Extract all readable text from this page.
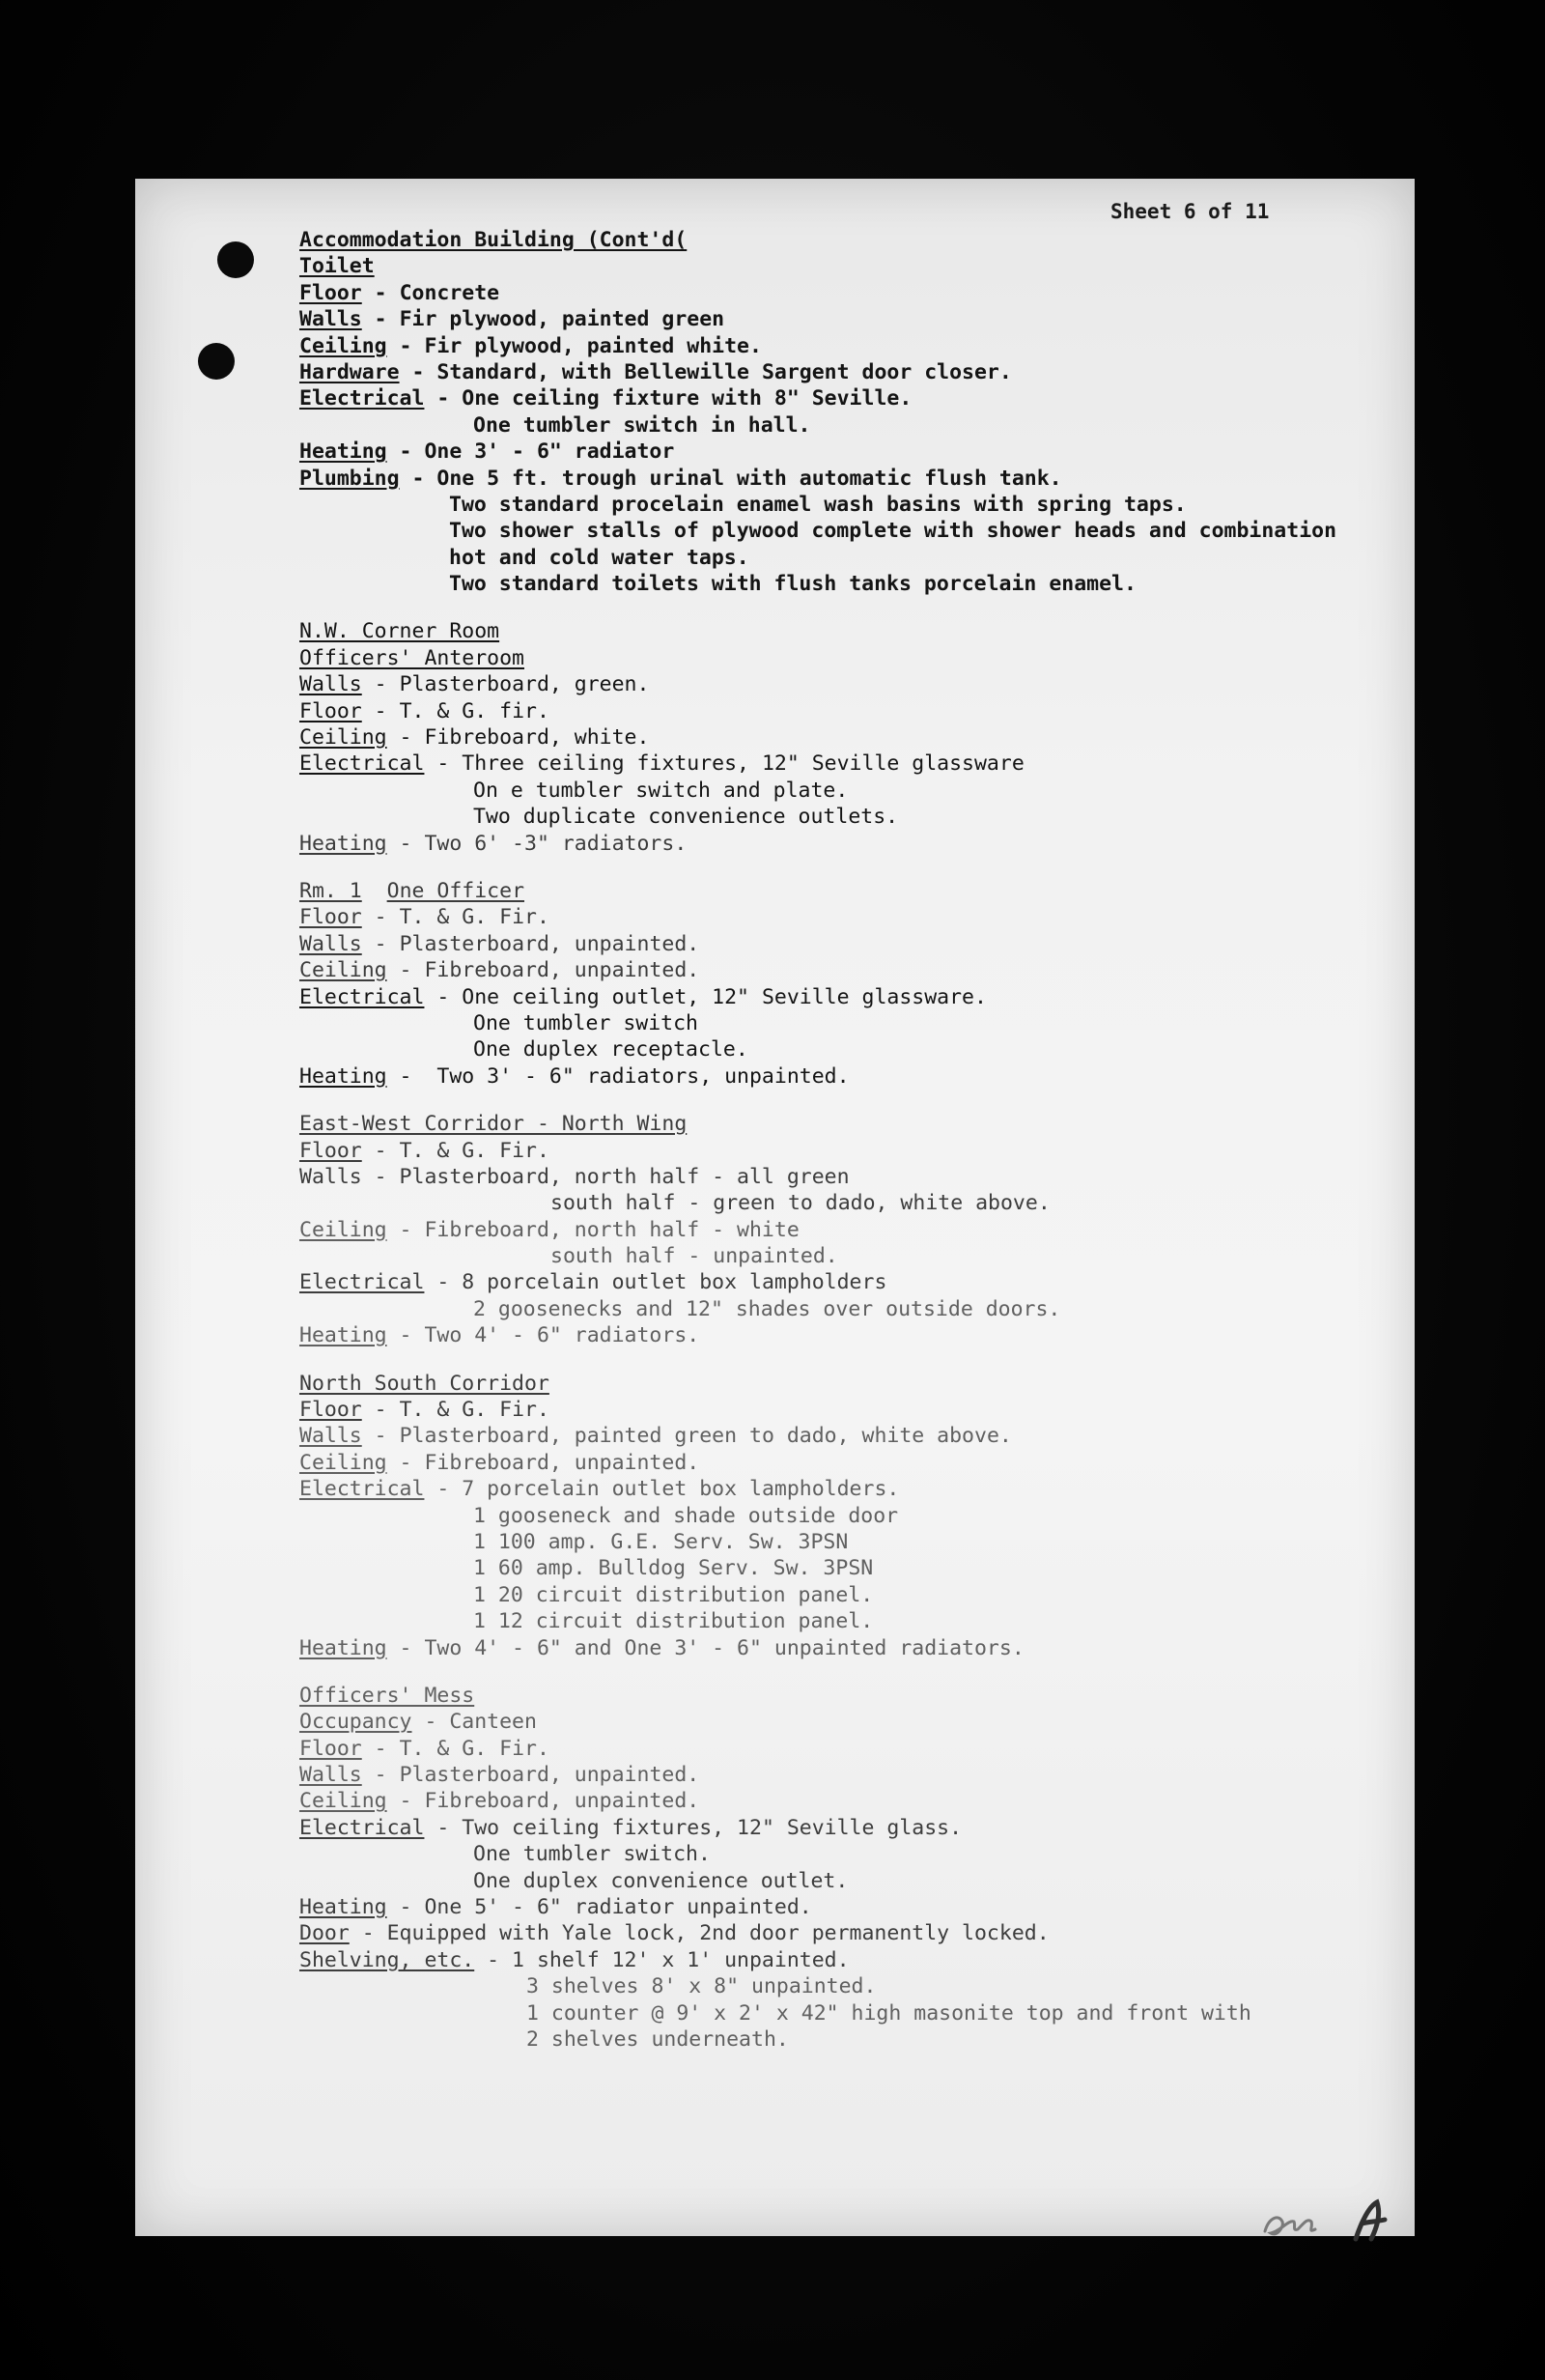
Sheet 6 of 11
Accommodation Building (Cont'd(
Toilet
Floor - Concrete
Walls - Fir plywood, painted green
Ceiling - Fir plywood, painted white.
Hardware - Standard, with Bellewille Sargent door closer.
Electrical - One ceiling fixture with 8" Seville.
One tumbler switch in hall.
Heating - One 3' - 6" radiator
Plumbing - One 5 ft. trough urinal with automatic flush tank.
Two standard procelain enamel wash basins with spring taps.
Two shower stalls of plywood complete with shower heads and combination
hot and cold water taps.
Two standard toilets with flush tanks porcelain enamel.
N.W. Corner Room
Officers' Anteroom
Walls - Plasterboard, green.
Floor - T. & G. fir.
Ceiling - Fibreboard, white.
Electrical - Three ceiling fixtures, 12" Seville glassware
On e tumbler switch and plate.
Two duplicate convenience outlets.
Heating - Two 6' -3" radiators.
Rm. 1 One Officer
Floor - T. & G. Fir.
Walls - Plasterboard, unpainted.
Ceiling - Fibreboard, unpainted.
Electrical - One ceiling outlet, 12" Seville glassware.
One tumbler switch
One duplex receptacle.
Heating -  Two 3' - 6" radiators, unpainted.
East-West Corridor - North Wing
Floor - T. & G. Fir.
Walls - Plasterboard, north half - all green
south half - green to dado, white above.
Ceiling - Fibreboard, north half - white
south half - unpainted.
Electrical - 8 porcelain outlet box lampholders
2 goosenecks and 12" shades over outside doors.
Heating - Two 4' - 6" radiators.
North South Corridor
Floor - T. & G. Fir.
Walls - Plasterboard, painted green to dado, white above.
Ceiling - Fibreboard, unpainted.
Electrical - 7 porcelain outlet box lampholders.
1 gooseneck and shade outside door
1 100 amp. G.E. Serv. Sw. 3PSN
1 60 amp. Bulldog Serv. Sw. 3PSN
1 20 circuit distribution panel.
1 12 circuit distribution panel.
Heating - Two 4' - 6" and One 3' - 6" unpainted radiators.
Officers' Mess
Occupancy - Canteen
Floor - T. & G. Fir.
Walls - Plasterboard, unpainted.
Ceiling - Fibreboard, unpainted.
Electrical - Two ceiling fixtures, 12" Seville glass.
One tumbler switch.
One duplex convenience outlet.
Heating - One 5' - 6" radiator unpainted.
Door - Equipped with Yale lock, 2nd door permanently locked.
Shelving, etc. - 1 shelf 12' x 1' unpainted.
3 shelves 8' x 8" unpainted.
1 counter @ 9' x 2' x 42" high masonite top and front with
2 shelves underneath.
